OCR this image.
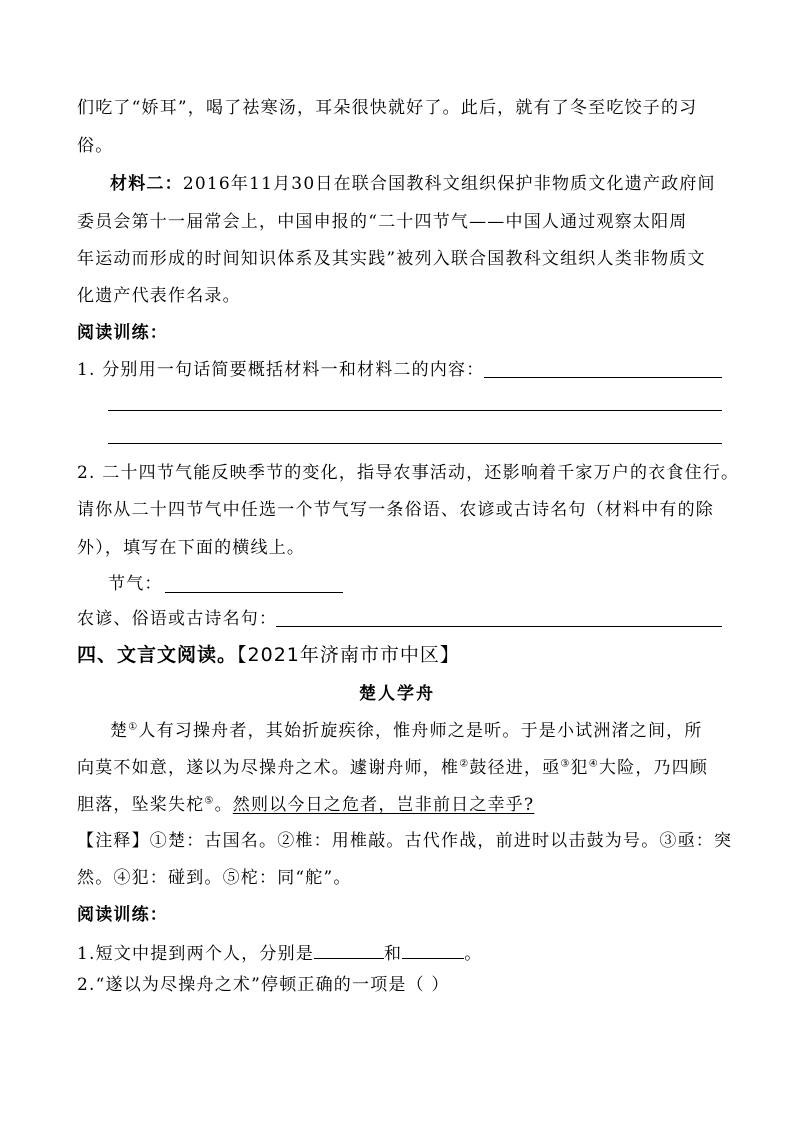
们吃了“娇耳”，喝了祛寒汤，耳朵很快就好了。此后，就有了冬至吃饺子的习
俗。
材料二：2016年11月30日在联合国教科文组织保护非物质文化遗产政府间
委员会第十一届常会上，中国申报的“二十四节气——中国人通过观察太阳周
年运动而形成的时间知识体系及其实践”被列入联合国教科文组织人类非物质文
化遗产代表作名录。
阅读训练：
1. 分别用一句话简要概括材料一和材料二的内容：
2. 二十四节气能反映季节的变化，指导农事活动，还影响着千家万户的衣食住行。
请你从二十四节气中任选一个节气写一条俗语、农谚或古诗名句（材料中有的除
外），填写在下面的横线上。
节气：
农谚、俗语或古诗名句：
四、文言文阅读。【2021年济南市市中区】
楚人学舟
楚①人有习操舟者，其始折旋疾徐，惟舟师之是听。于是小试洲渚之间，所
向莫不如意，遂以为尽操舟之术。遽谢舟师，椎②鼓径进，亟③犯④大险，乃四顾
胆落，坠桨失柁⑤。然则以今日之危者，岂非前日之幸乎?
【注释】①楚：古国名。②椎：用椎敲。古代作战，前进时以击鼓为号。③亟：突
然。④犯：碰到。⑤柁：同“舵”。
阅读训练：
1.短文中提到两个人，分别是	和	。
2.“遂以为尽操舟之术”停顿正确的一项是（ ）
